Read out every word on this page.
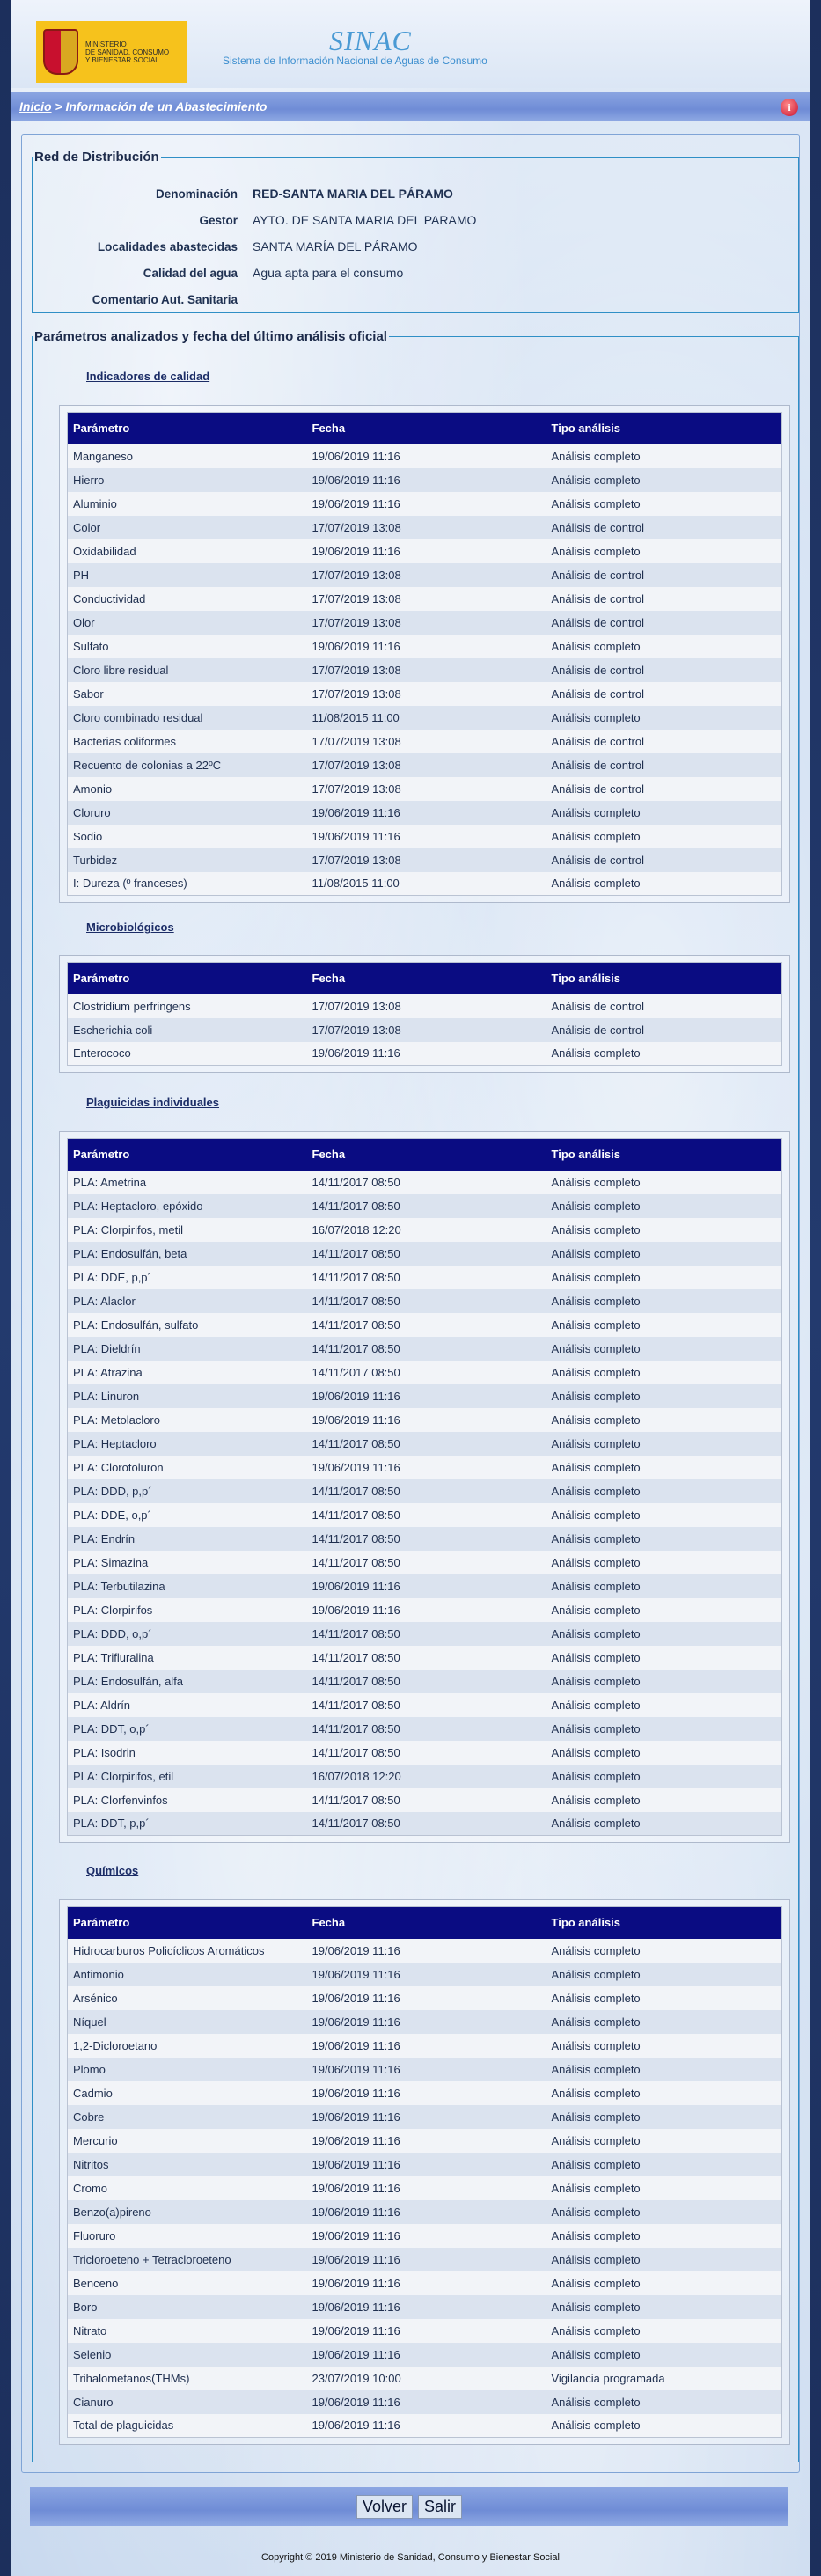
MINISTERIO
DE SANIDAD, CONSUMO
Y BIENESTAR SOCIAL
SINAC
Sistema de Información Nacional de Aguas de Consumo
Inicio > Información de un Abastecimiento	i
Red de Distribución
Denominación	RED-SANTA MARIA DEL PÁRAMO
Gestor	AYTO. DE SANTA MARIA DEL PARAMO
Localidades abastecidas	SANTA MARÍA DEL PÁRAMO
Calidad del agua	Agua apta para el consumo
Comentario Aut. Sanitaria
Parámetros analizados y fecha del último análisis oficial
Indicadores de calidad
Parámetro	Fecha	Tipo análisis
Manganeso	19/06/2019 11:16	Análisis completo
Hierro	19/06/2019 11:16	Análisis completo
Aluminio	19/06/2019 11:16	Análisis completo
Color	17/07/2019 13:08	Análisis de control
Oxidabilidad	19/06/2019 11:16	Análisis completo
PH	17/07/2019 13:08	Análisis de control
Conductividad	17/07/2019 13:08	Análisis de control
Olor	17/07/2019 13:08	Análisis de control
Sulfato	19/06/2019 11:16	Análisis completo
Cloro libre residual	17/07/2019 13:08	Análisis de control
Sabor	17/07/2019 13:08	Análisis de control
Cloro combinado residual	11/08/2015 11:00	Análisis completo
Bacterias coliformes	17/07/2019 13:08	Análisis de control
Recuento de colonias a 22ºC	17/07/2019 13:08	Análisis de control
Amonio	17/07/2019 13:08	Análisis de control
Cloruro	19/06/2019 11:16	Análisis completo
Sodio	19/06/2019 11:16	Análisis completo
Turbidez	17/07/2019 13:08	Análisis de control
I: Dureza (º franceses)	11/08/2015 11:00	Análisis completo
Microbiológicos
Parámetro	Fecha	Tipo análisis
Clostridium perfringens	17/07/2019 13:08	Análisis de control
Escherichia coli	17/07/2019 13:08	Análisis de control
Enterococo	19/06/2019 11:16	Análisis completo
Plaguicidas individuales
Parámetro	Fecha	Tipo análisis
PLA: Ametrina	14/11/2017 08:50	Análisis completo
PLA: Heptacloro, epóxido	14/11/2017 08:50	Análisis completo
PLA: Clorpirifos, metil	16/07/2018 12:20	Análisis completo
PLA: Endosulfán, beta	14/11/2017 08:50	Análisis completo
PLA: DDE, p,p´	14/11/2017 08:50	Análisis completo
PLA: Alaclor	14/11/2017 08:50	Análisis completo
PLA: Endosulfán, sulfato	14/11/2017 08:50	Análisis completo
PLA: Dieldrín	14/11/2017 08:50	Análisis completo
PLA: Atrazina	14/11/2017 08:50	Análisis completo
PLA: Linuron	19/06/2019 11:16	Análisis completo
PLA: Metolacloro	19/06/2019 11:16	Análisis completo
PLA: Heptacloro	14/11/2017 08:50	Análisis completo
PLA: Clorotoluron	19/06/2019 11:16	Análisis completo
PLA: DDD, p,p´	14/11/2017 08:50	Análisis completo
PLA: DDE, o,p´	14/11/2017 08:50	Análisis completo
PLA: Endrín	14/11/2017 08:50	Análisis completo
PLA: Simazina	14/11/2017 08:50	Análisis completo
PLA: Terbutilazina	19/06/2019 11:16	Análisis completo
PLA: Clorpirifos	19/06/2019 11:16	Análisis completo
PLA: DDD, o,p´	14/11/2017 08:50	Análisis completo
PLA: Trifluralina	14/11/2017 08:50	Análisis completo
PLA: Endosulfán, alfa	14/11/2017 08:50	Análisis completo
PLA: Aldrín	14/11/2017 08:50	Análisis completo
PLA: DDT, o,p´	14/11/2017 08:50	Análisis completo
PLA: Isodrin	14/11/2017 08:50	Análisis completo
PLA: Clorpirifos, etil	16/07/2018 12:20	Análisis completo
PLA: Clorfenvinfos	14/11/2017 08:50	Análisis completo
PLA: DDT, p,p´	14/11/2017 08:50	Análisis completo
Químicos
Parámetro	Fecha	Tipo análisis
Hidrocarburos Policíclicos Aromáticos	19/06/2019 11:16	Análisis completo
Antimonio	19/06/2019 11:16	Análisis completo
Arsénico	19/06/2019 11:16	Análisis completo
Níquel	19/06/2019 11:16	Análisis completo
1,2-Dicloroetano	19/06/2019 11:16	Análisis completo
Plomo	19/06/2019 11:16	Análisis completo
Cadmio	19/06/2019 11:16	Análisis completo
Cobre	19/06/2019 11:16	Análisis completo
Mercurio	19/06/2019 11:16	Análisis completo
Nitritos	19/06/2019 11:16	Análisis completo
Cromo	19/06/2019 11:16	Análisis completo
Benzo(a)pireno	19/06/2019 11:16	Análisis completo
Fluoruro	19/06/2019 11:16	Análisis completo
Tricloroeteno + Tetracloroeteno	19/06/2019 11:16	Análisis completo
Benceno	19/06/2019 11:16	Análisis completo
Boro	19/06/2019 11:16	Análisis completo
Nitrato	19/06/2019 11:16	Análisis completo
Selenio	19/06/2019 11:16	Análisis completo
Trihalometanos(THMs)	23/07/2019 10:00	Vigilancia programada
Cianuro	19/06/2019 11:16	Análisis completo
Total de plaguicidas	19/06/2019 11:16	Análisis completo
Volver	Salir
Copyright © 2019 Ministerio de Sanidad, Consumo y Bienestar Social
